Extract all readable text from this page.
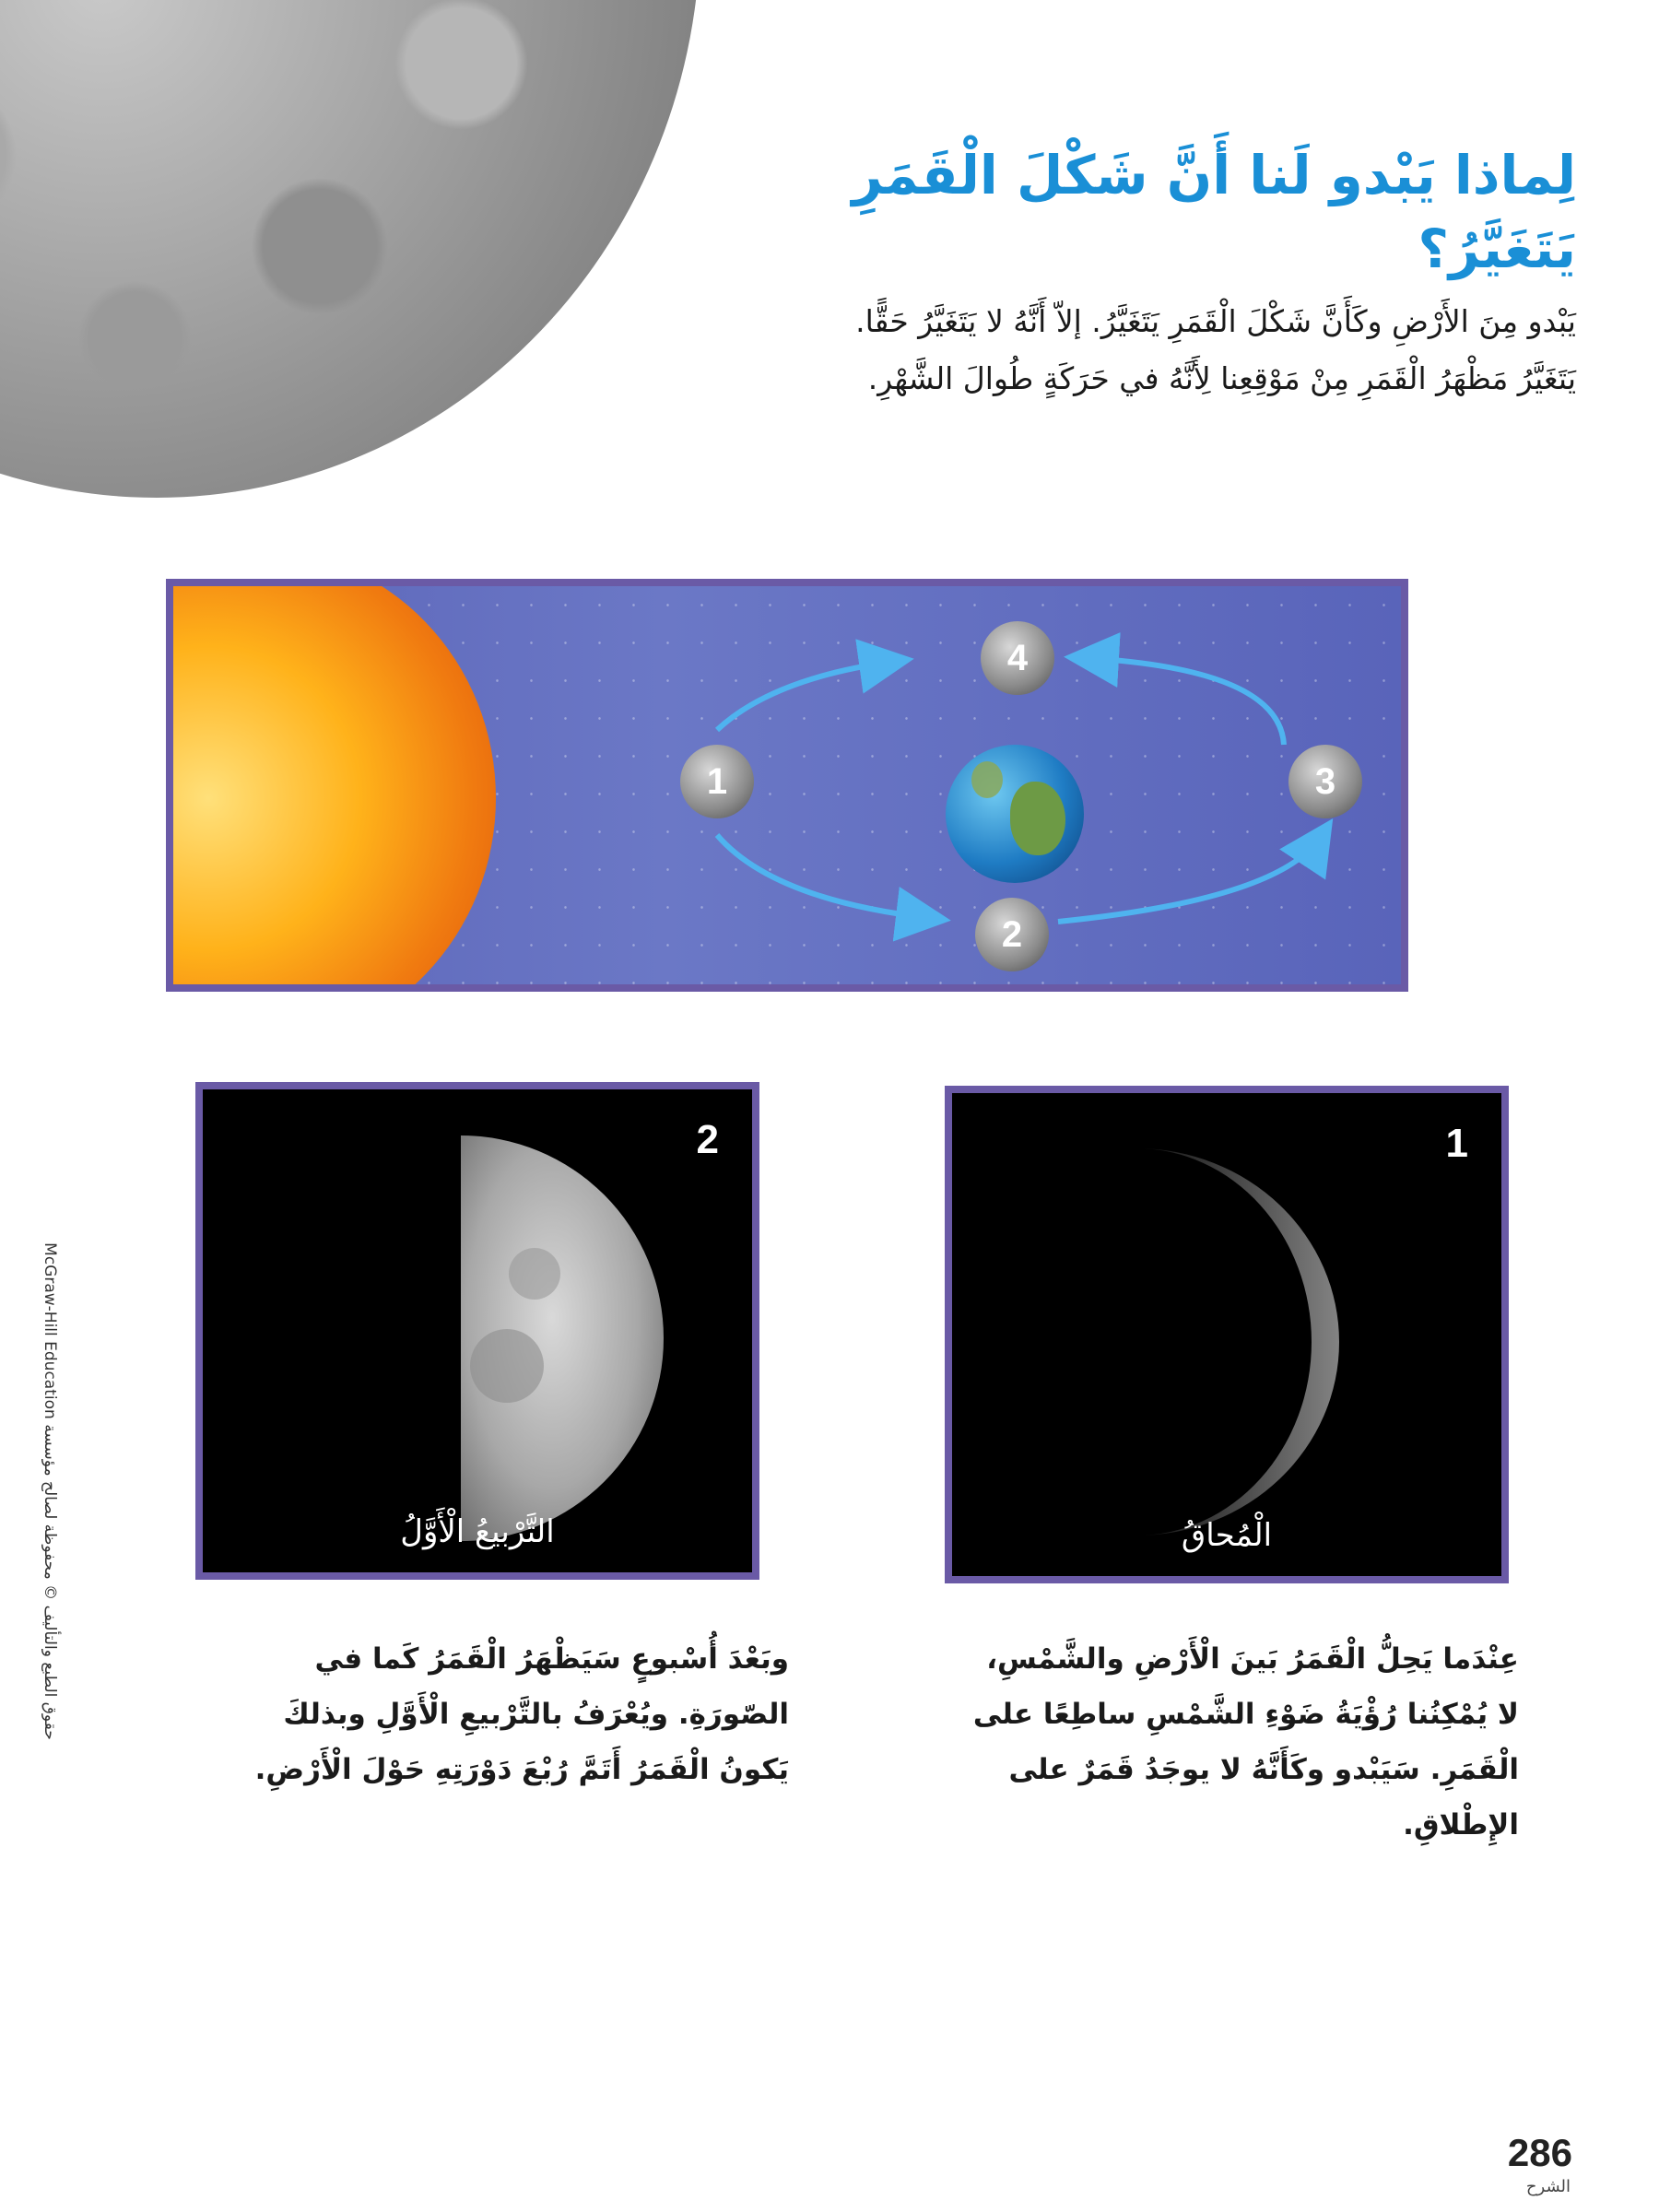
لِماذا يَبْدو لَنا أَنَّ شَكْلَ الْقَمَرِ يَتَغَيَّرُ؟

يَبْدو مِنَ الأَرْضِ وكَأَنَّ شَكْلَ الْقَمَرِ يَتَغَيَّرُ. إلاّ أَنَّهُ لا يَتَغَيَّرُ حَقًّا. يَتَغَيَّرُ مَظْهَرُ الْقَمَرِ مِنْ مَوْقِعِنا لِأَنَّهُ في حَرَكَةٍ طُوالَ الشَّهْرِ.

1
2
3
4
1
الْمُحاقُ
2
التَّرْبيعُ الْأَوَّلُ

عِنْدَما يَحِلُّ الْقَمَرُ بَينَ الْأَرْضِ والشَّمْسِ، لا يُمْكِنُنا رُؤْيَةُ ضَوْءِ الشَّمْسِ ساطِعًا على الْقَمَرِ. سَيَبْدو وكَأَنَّهُ لا يوجَدُ قَمَرٌ على الإِطْلاقِ.

وبَعْدَ أُسْبوعٍ سَيَظْهَرُ الْقَمَرُ كَما في الصّورَةِ. ويُعْرَفُ بالتَّرْبيعِ الْأَوَّلِ وبذلكَ يَكونُ الْقَمَرُ أَتَمَّ رُبْعَ دَوْرَتِهِ حَوْلَ الْأَرْضِ.

McGraw-Hill Education حقوق الطبع والتأليف © محفوظة لصالح مؤسسة
286
الشرح
